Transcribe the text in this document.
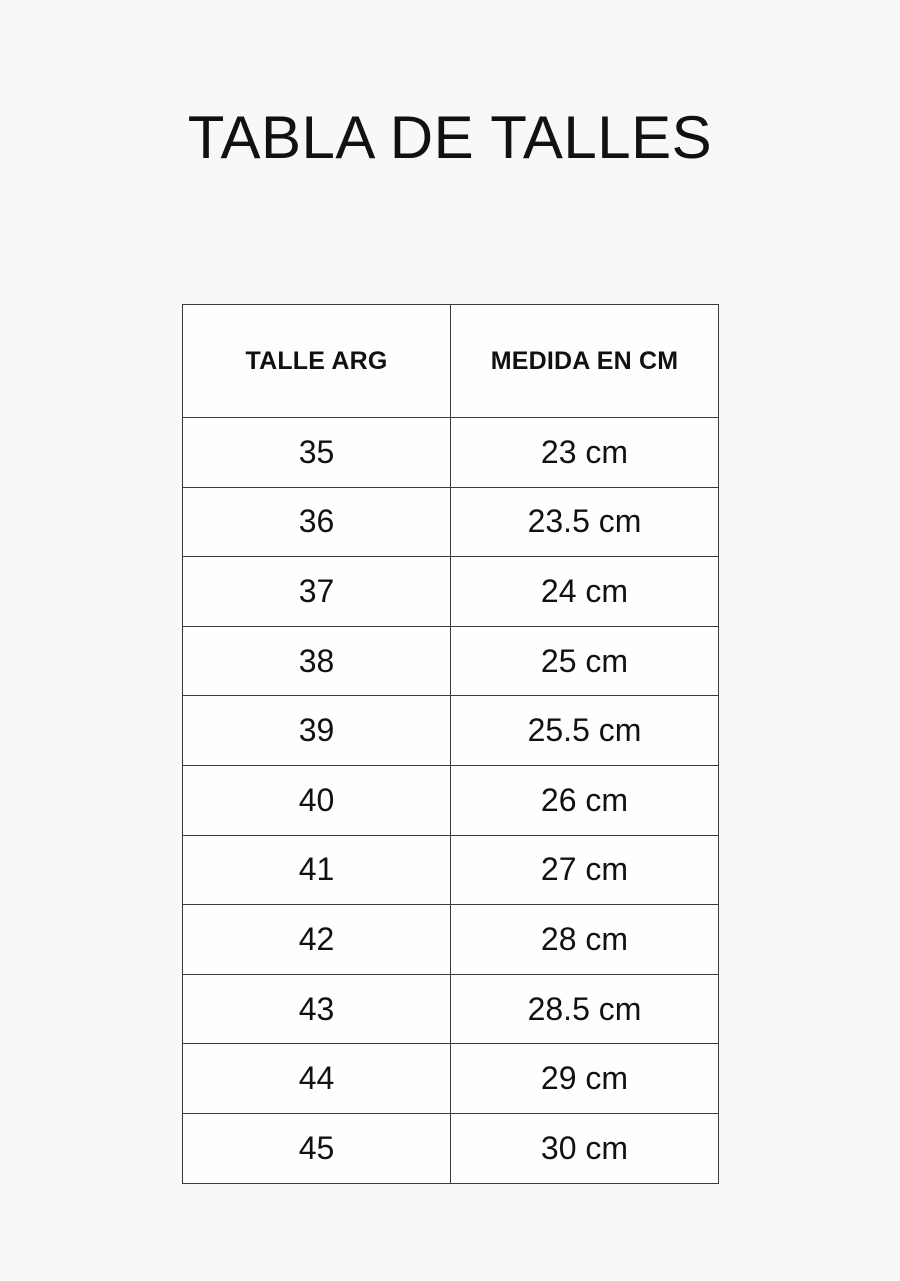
TABLA DE TALLES
TALLE ARG	MEDIDA EN CM
35	23 cm
36	23.5 cm
37	24 cm
38	25 cm
39	25.5 cm
40	26 cm
41	27 cm
42	28 cm
43	28.5 cm
44	29 cm
45	30 cm
